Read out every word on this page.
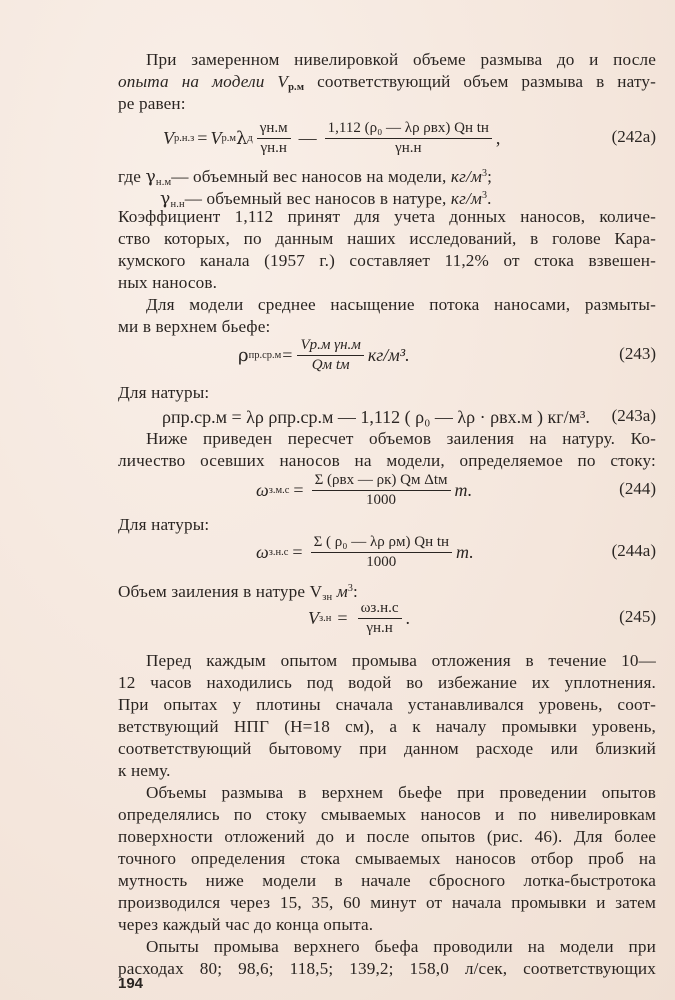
При замеренном нивелировкой объеме размыва до и после
опыта на модели $V_{р.м}$ соответствующий объем размыва в нату-
ре равен:
V р.н.з = V р.м λ д $\frac{\gamma н.м}{\gamma н.н}$ — $\frac{\text{1,112 (ρ₀ — λρ ρвх) Qн tн}}{\gamma н.н}$ ,	(242а)
где $\gamma_{н.м}—$ объемный вес наносов на модели, $кг/м^3$;
$\gamma_{н.н}—$ объемный вес наносов в натуре, $кг/м^3$.
Коэффициент 1,112 принят для учета донных наносов, количе-
ство которых, по данным наших исследований, в голове Кара-
кумского канала (1957 г.) составляет 11,2% от стока взвешен-
ных наносов.
Для модели среднее насыщение потока наносами, размыты-
ми в верхнем бьефе:
ρ $пр.ср.м = \frac{\text{Vр.м γн.м}}{\text{Qм tм}} кг/м^3$.	(243)
Для натуры:
ρпр.ср.м = λρ ρпр.ср.м — 1,112 ( ρ₀ — λρ · ρвх.м ) кг/м³. (243а)
Ниже приведен пересчет объемов заиления на натуру. Ко-
личество осевших наносов на модели, определяемое по стоку:
ω $з.м.с = \frac{\text{Σ (ρвх — ρк) Qм Δtм}}{1000} т$.	(244)
Для натуры:
ω $з.н.с = \frac{\text{Σ ( ρ₀ — λρ ρм) Qн tн}}{1000} т$.	(244а)
Объем заиления в натуре $V_{зн}$ $м^3$:
V $з.н = \frac{\omega з.н.с}{\gamma н.н}$ .	(245)
Перед каждым опытом промыва отложения в течение 10—
12 часов находились под водой во избежание их уплотнения.
При опытах у плотины сначала устанавливался уровень, соот-
ветствующий НПГ (H=18 см), а к началу промывки уровень,
соответствующий бытовому при данном расходе или близкий
к нему.
Объемы размыва в верхнем бьефе при проведении опытов
определялись по стоку смываемых наносов и по нивелировкам
поверхности отложений до и после опытов (рис. 46). Для более
точного определения стока смываемых наносов отбор проб на
мутность ниже модели в начале сбросного лотка-быстротока
производился через 15, 35, 60 минут от начала промывки и затем
через каждый час до конца опыта.
Опыты промыва верхнего бьефа проводили на модели при
расходах 80; 98,6; 118,5; 139,2; 158,0 л/сек, соответствующих
194
